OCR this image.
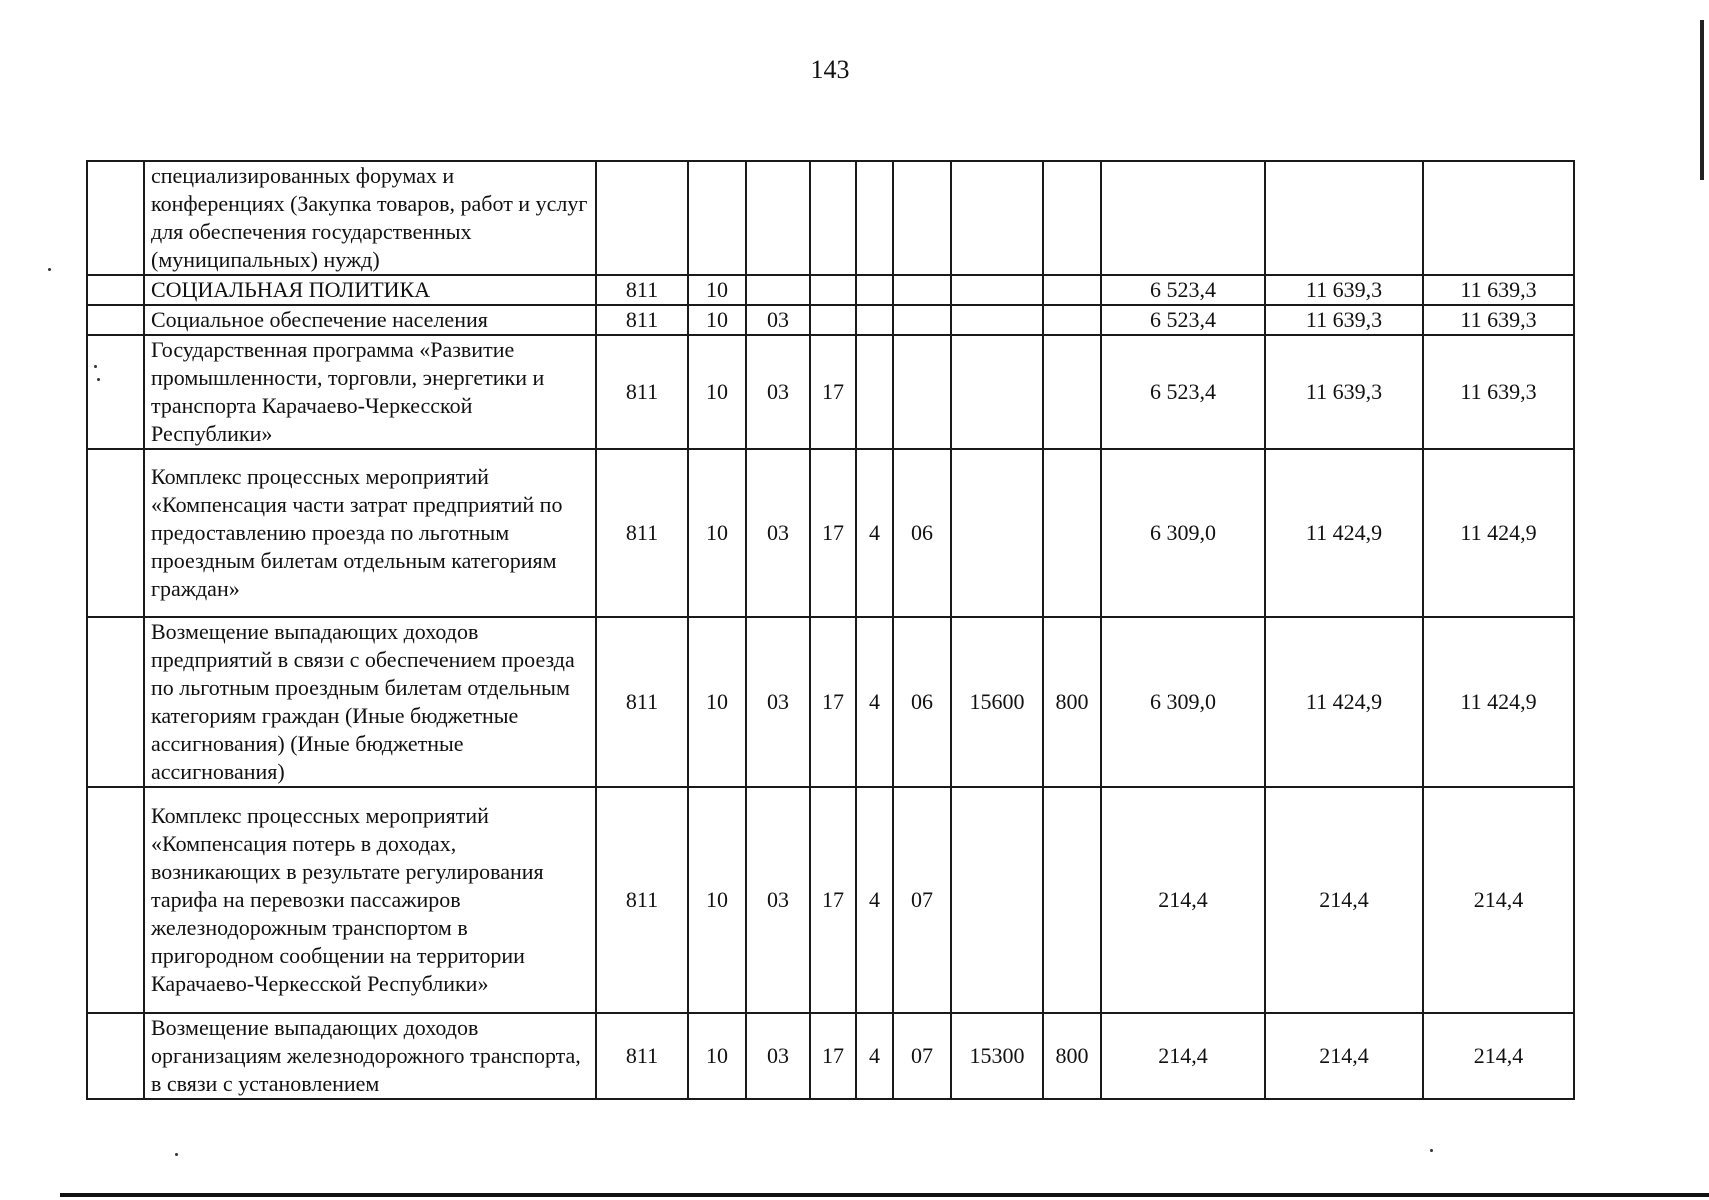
143
	специализированных форумах и конференциях (Закупка товаров, работ и услуг для обеспечения государственных (муниципальных) нужд)											
	СОЦИАЛЬНАЯ ПОЛИТИКА	811	10							6 523,4	11 639,3	11 639,3
	Социальное обеспечение населения	811	10	03						6 523,4	11 639,3	11 639,3
	Государственная программа «Развитие промышленности, торговли, энергетики и транспорта Карачаево-Черкесской Республики»	811	10	03	17					6 523,4	11 639,3	11 639,3
	Комплекс процессных мероприятий «Компенсация части затрат предприятий по предоставлению проезда по льготным проездным билетам отдельным категориям граждан»	811	10	03	17	4	06			6 309,0	11 424,9	11 424,9
	Возмещение выпадающих доходов предприятий в связи с обеспечением проезда по льготным проездным билетам отдельным категориям граждан (Иные бюджетные ассигнования) (Иные бюджетные ассигнования)	811	10	03	17	4	06	15600	800	6 309,0	11 424,9	11 424,9
	Комплекс процессных мероприятий «Компенсация потерь в доходах, возникающих в результате регулирования тарифа на перевозки пассажиров железнодорожным транспортом в пригородном сообщении на территории Карачаево-Черкесской Республики»	811	10	03	17	4	07			214,4	214,4	214,4
	Возмещение выпадающих доходов организациям железнодорожного транспорта, в связи с установлением	811	10	03	17	4	07	15300	800	214,4	214,4	214,4
